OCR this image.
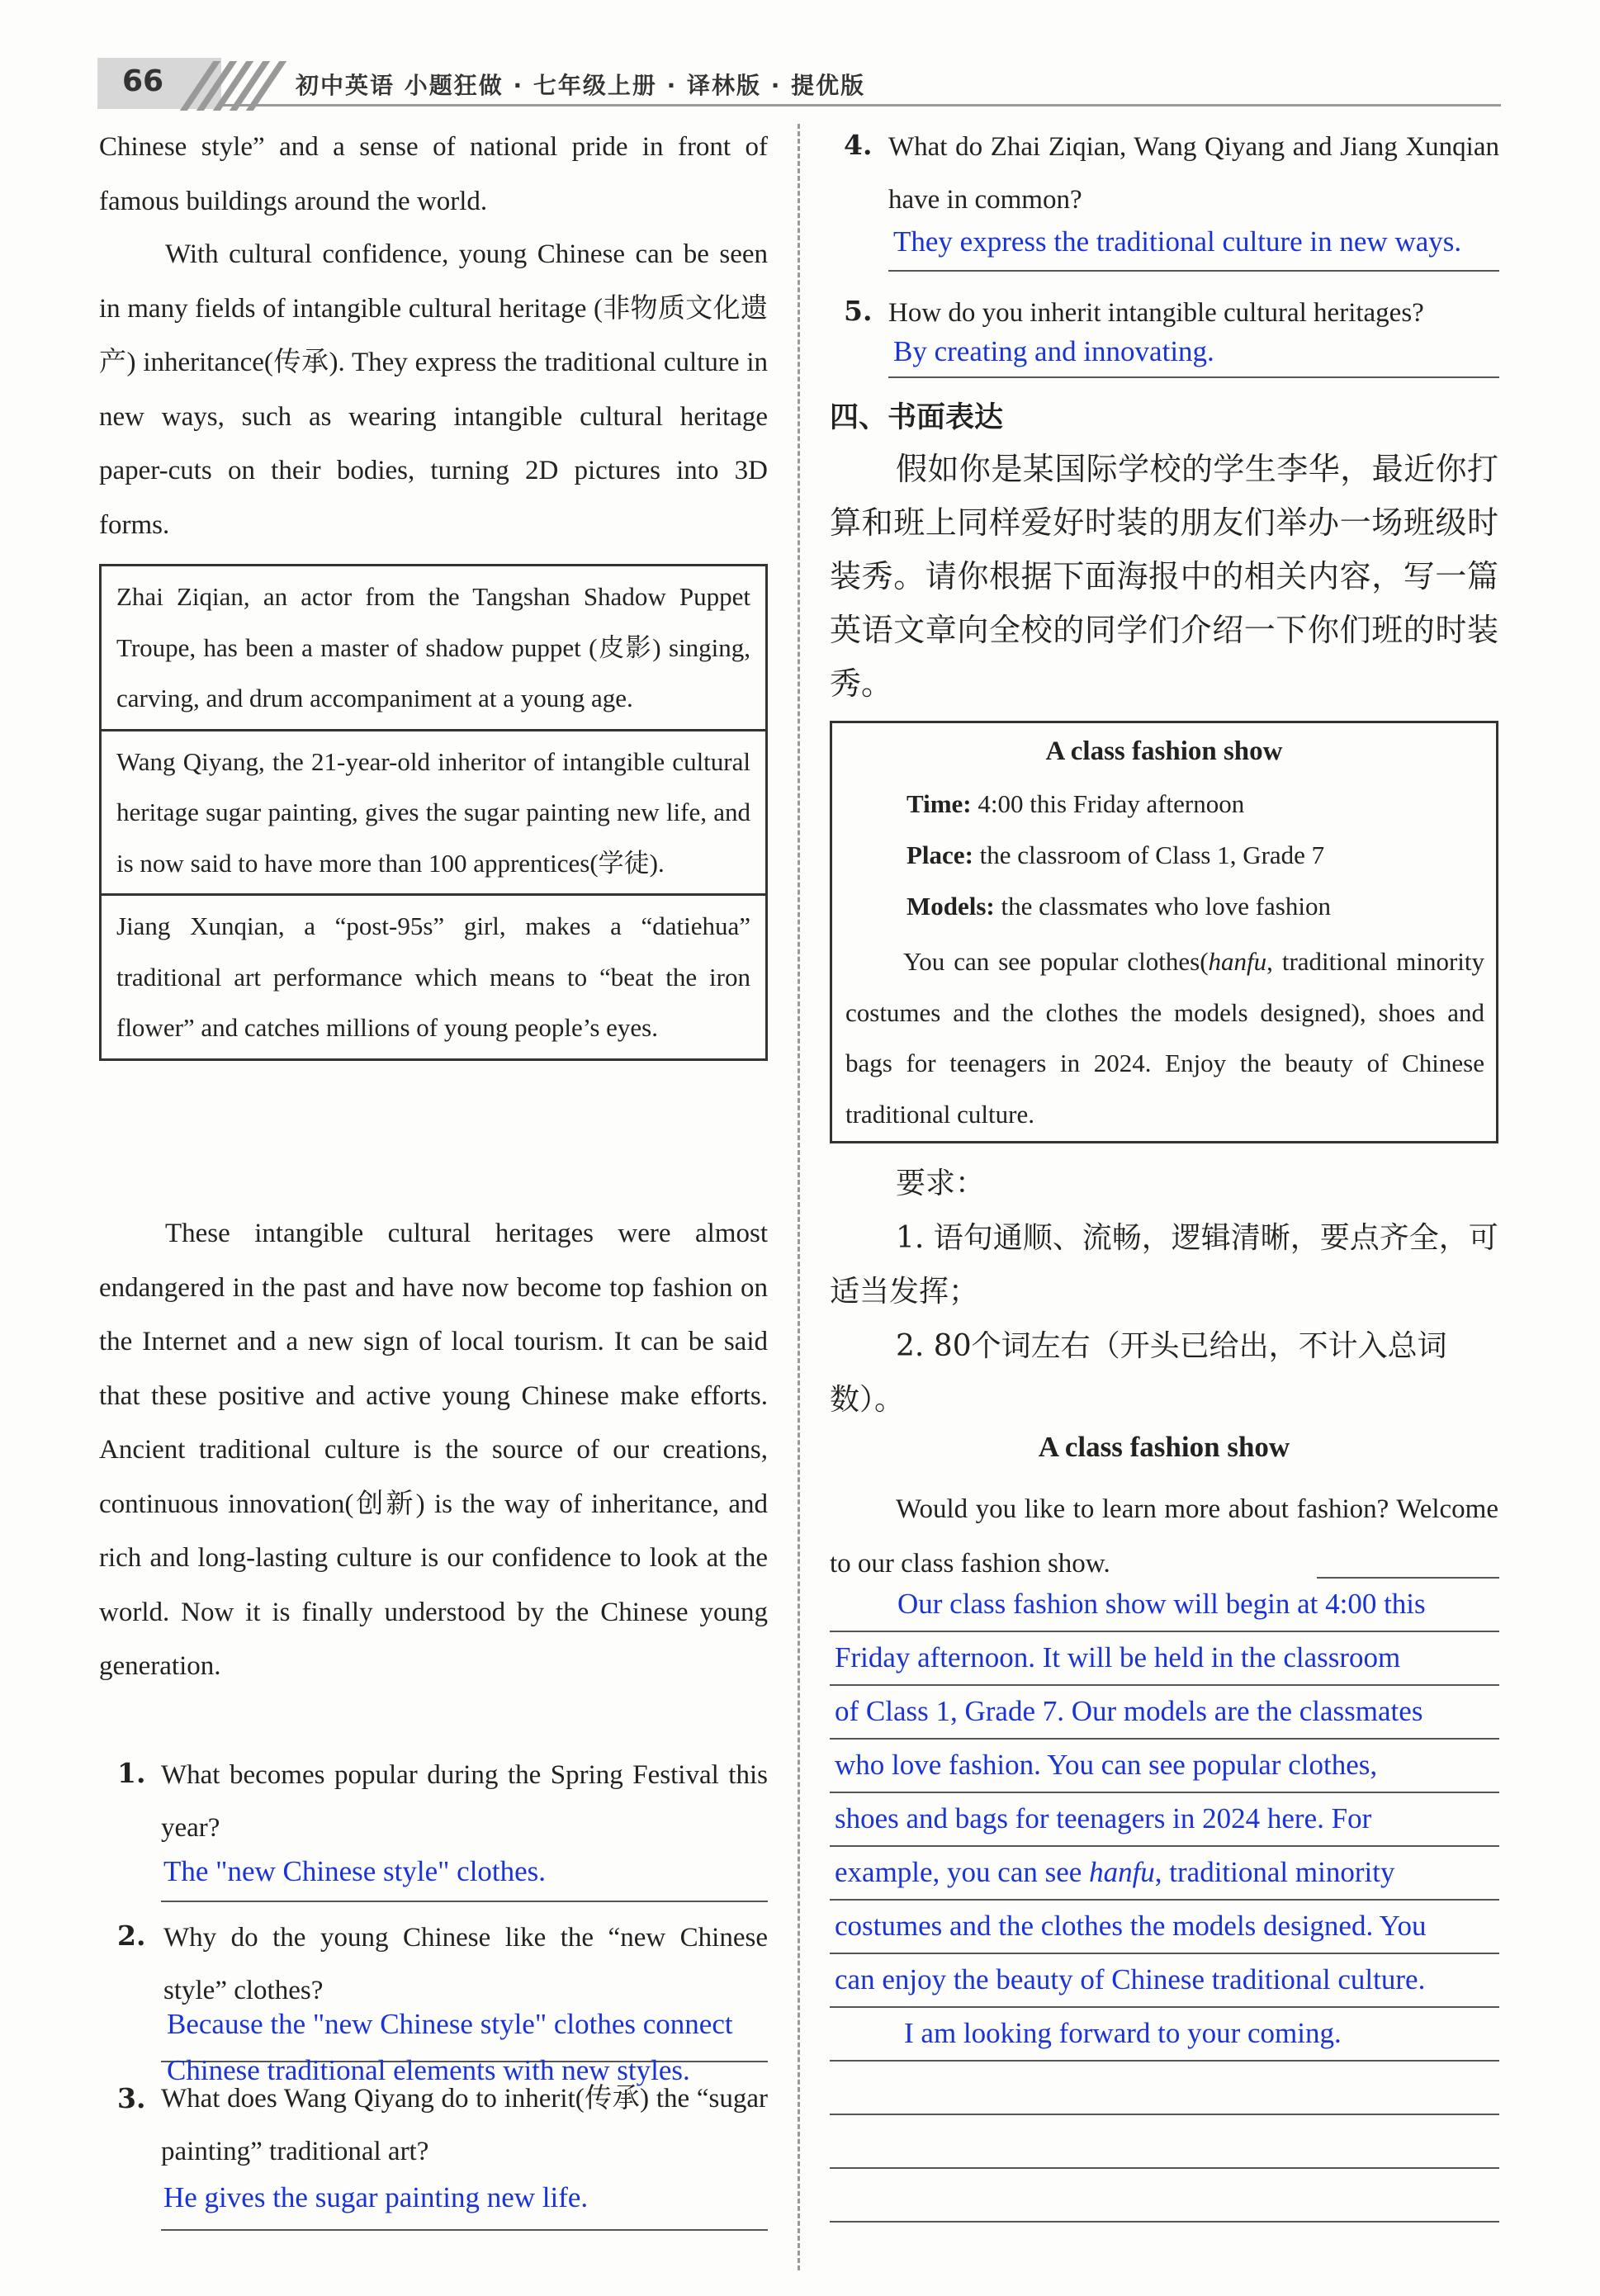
66	初中英语 小题狂做 · 七年级上册 · 译林版 · 提优版
Chinese style” and a sense of national pride in front of famous buildings around the world.
With cultural confidence, young Chinese can be seen in many fields of intangible cultural heritage (非物质文化遗产) inheritance(传承). They express the traditional culture in new ways, such as wearing intangible cultural heritage paper-cuts on their bodies, turning 2D pictures into 3D forms.
Zhai Ziqian, an actor from the Tangshan Shadow Puppet Troupe, has been a master of shadow puppet (皮影) singing, carving, and drum accompaniment at a young age.
Wang Qiyang, the 21-year-old inheritor of intangible cultural heritage sugar painting, gives the sugar painting new life, and is now said to have more than 100 apprentices(学徒).
Jiang Xunqian, a “post-95s” girl, makes a “datiehua” traditional art performance which means to “beat the iron flower” and catches millions of young people’s eyes.
These intangible cultural heritages were almost endangered in the past and have now become top fashion on the Internet and a new sign of local tourism. It can be said that these positive and active young Chinese make efforts. Ancient traditional culture is the source of our creations, continuous innovation(创新) is the way of inheritance, and rich and long-lasting culture is our confidence to look at the world. Now it is finally understood by the Chinese young generation.
1. What becomes popular during the Spring Festival this year?
The "new Chinese style" clothes.
2. Why do the young Chinese like the “new Chinese style” clothes?
Because the "new Chinese style" clothes connect
Chinese traditional elements with new styles.
3. What does Wang Qiyang do to inherit(传承) the “sugar painting” traditional art?
He gives the sugar painting new life.
4. What do Zhai Ziqian, Wang Qiyang and Jiang Xunqian have in common?
They express the traditional culture in new ways.
5. How do you inherit intangible cultural heritages?
By creating and innovating.
四、书面表达
假如你是某国际学校的学生李华，最近你打算和班上同样爱好时装的朋友们举办一场班级时装秀。请你根据下面海报中的相关内容，写一篇英语文章向全校的同学们介绍一下你们班的时装秀。
A class fashion show
Time: 4:00 this Friday afternoon
Place: the classroom of Class 1, Grade 7
Models: the classmates who love fashion
You can see popular clothes(hanfu, traditional minority costumes and the clothes the models designed), shoes and bags for teenagers in 2024. Enjoy the beauty of Chinese traditional culture.
要求：
1. 语句通顺、流畅，逻辑清晰，要点齐全，可适当发挥；
2. 80个词左右（开头已给出，不计入总词数）。
A class fashion show
Would you like to learn more about fashion? Welcome to our class fashion show.
Our class fashion show will begin at 4:00 this
Friday afternoon. It will be held in the classroom
of Class 1, Grade 7. Our models are the classmates
who love fashion. You can see popular clothes,
shoes and bags for teenagers in 2024 here. For
example, you can see hanfu, traditional minority
costumes and the clothes the models designed. You
can enjoy the beauty of Chinese traditional culture.
I am looking forward to your coming.
